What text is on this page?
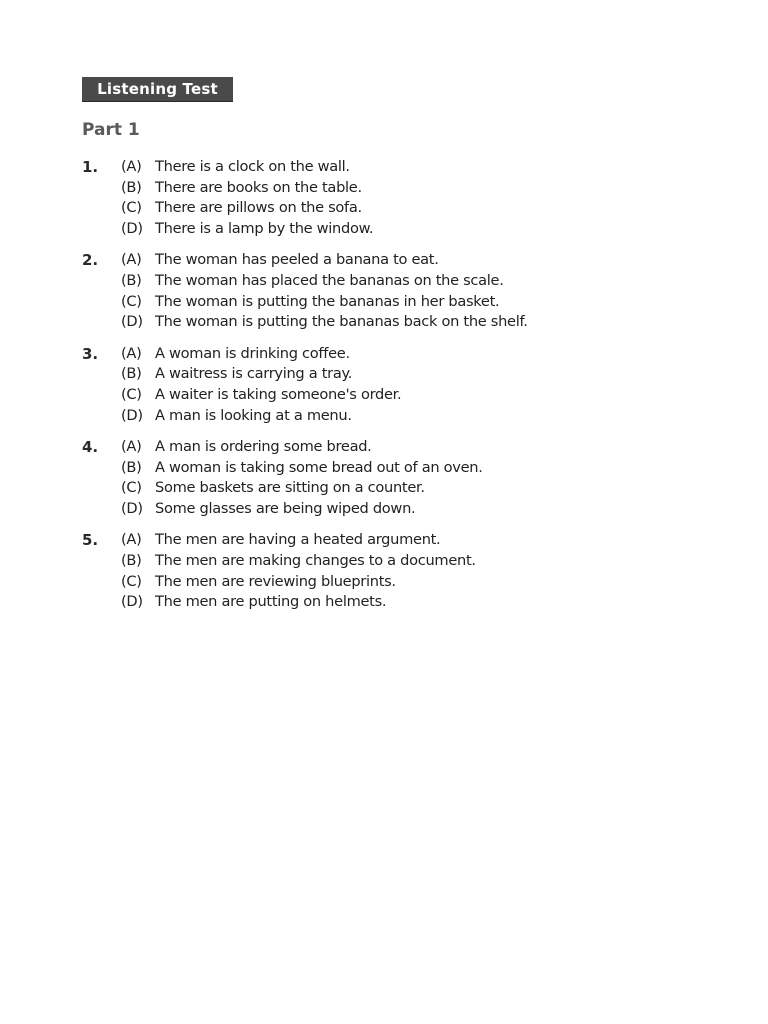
Listening Test
Part 1
1.	(A) There is a clock on the wall.
(B) There are books on the table.
(C) There are pillows on the sofa.
(D) There is a lamp by the window.
2.	(A) The woman has peeled a banana to eat.
(B) The woman has placed the bananas on the scale.
(C) The woman is putting the bananas in her basket.
(D) The woman is putting the bananas back on the shelf.
3.	(A) A woman is drinking coffee.
(B) A waitress is carrying a tray.
(C) A waiter is taking someone's order.
(D) A man is looking at a menu.
4.	(A) A man is ordering some bread.
(B) A woman is taking some bread out of an oven.
(C) Some baskets are sitting on a counter.
(D) Some glasses are being wiped down.
5.	(A) The men are having a heated argument.
(B) The men are making changes to a document.
(C) The men are reviewing blueprints.
(D) The men are putting on helmets.
